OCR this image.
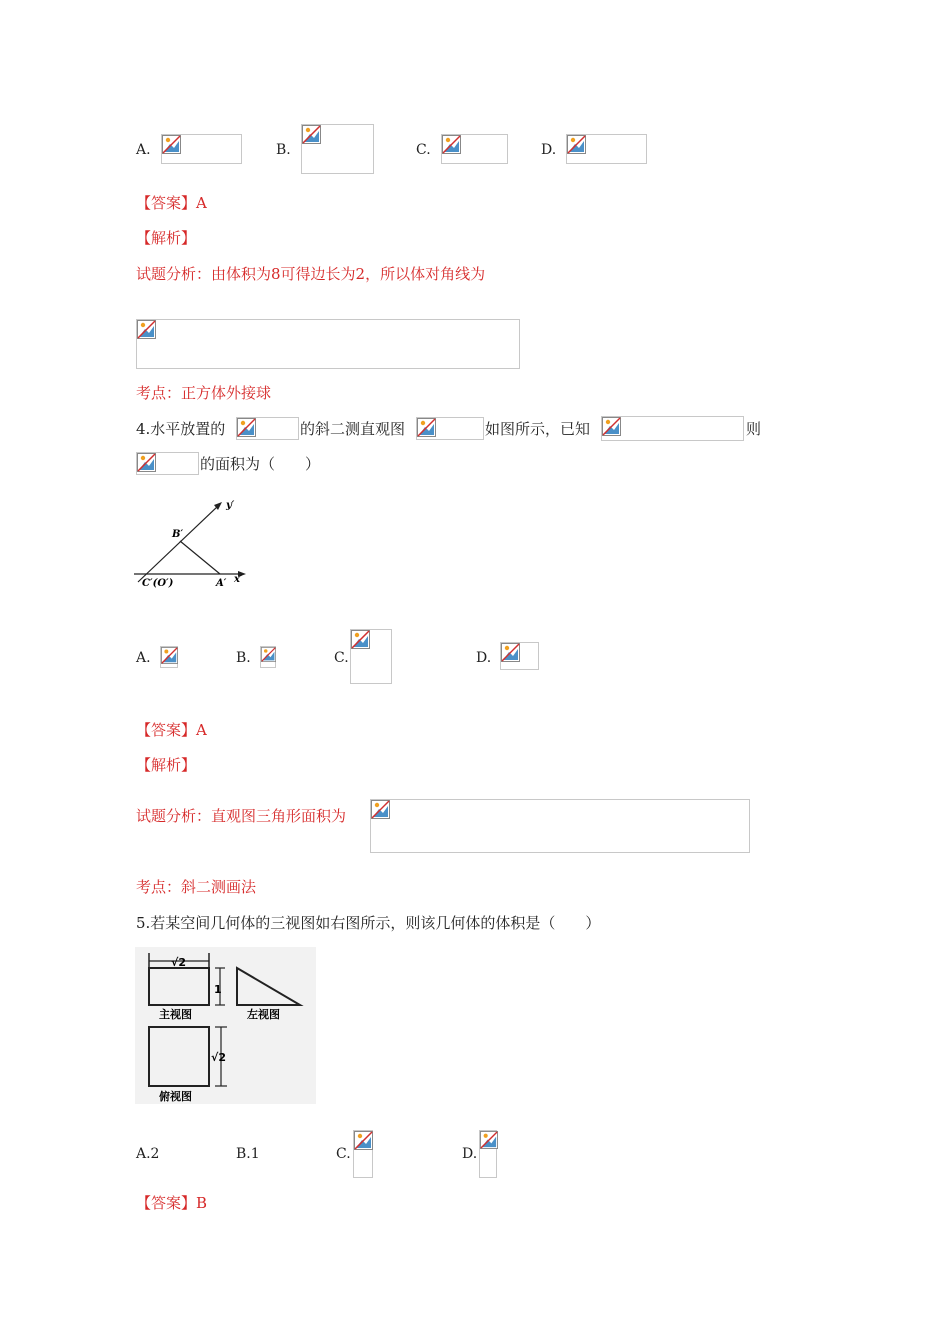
A.	B.	C.	D.
【答案】A
【解析】
试题分析：由体积为8可得边长为2，所以体对角线为
考点：正方体外接球
4.水平放置的	的斜二测直观图	如图所示，已知	则
的面积为（　　）
B′
y′
C′(O′)	A′ x′
A.	B.	C.	D.
【答案】A
【解析】
试题分析：直观图三角形面积为
考点：斜二测画法
5.若某空间几何体的三视图如右图所示，则该几何体的体积是（　　）
√2
1
主视图	左视图
√2
俯视图
A.2	B.1	C.	D.
【答案】B
